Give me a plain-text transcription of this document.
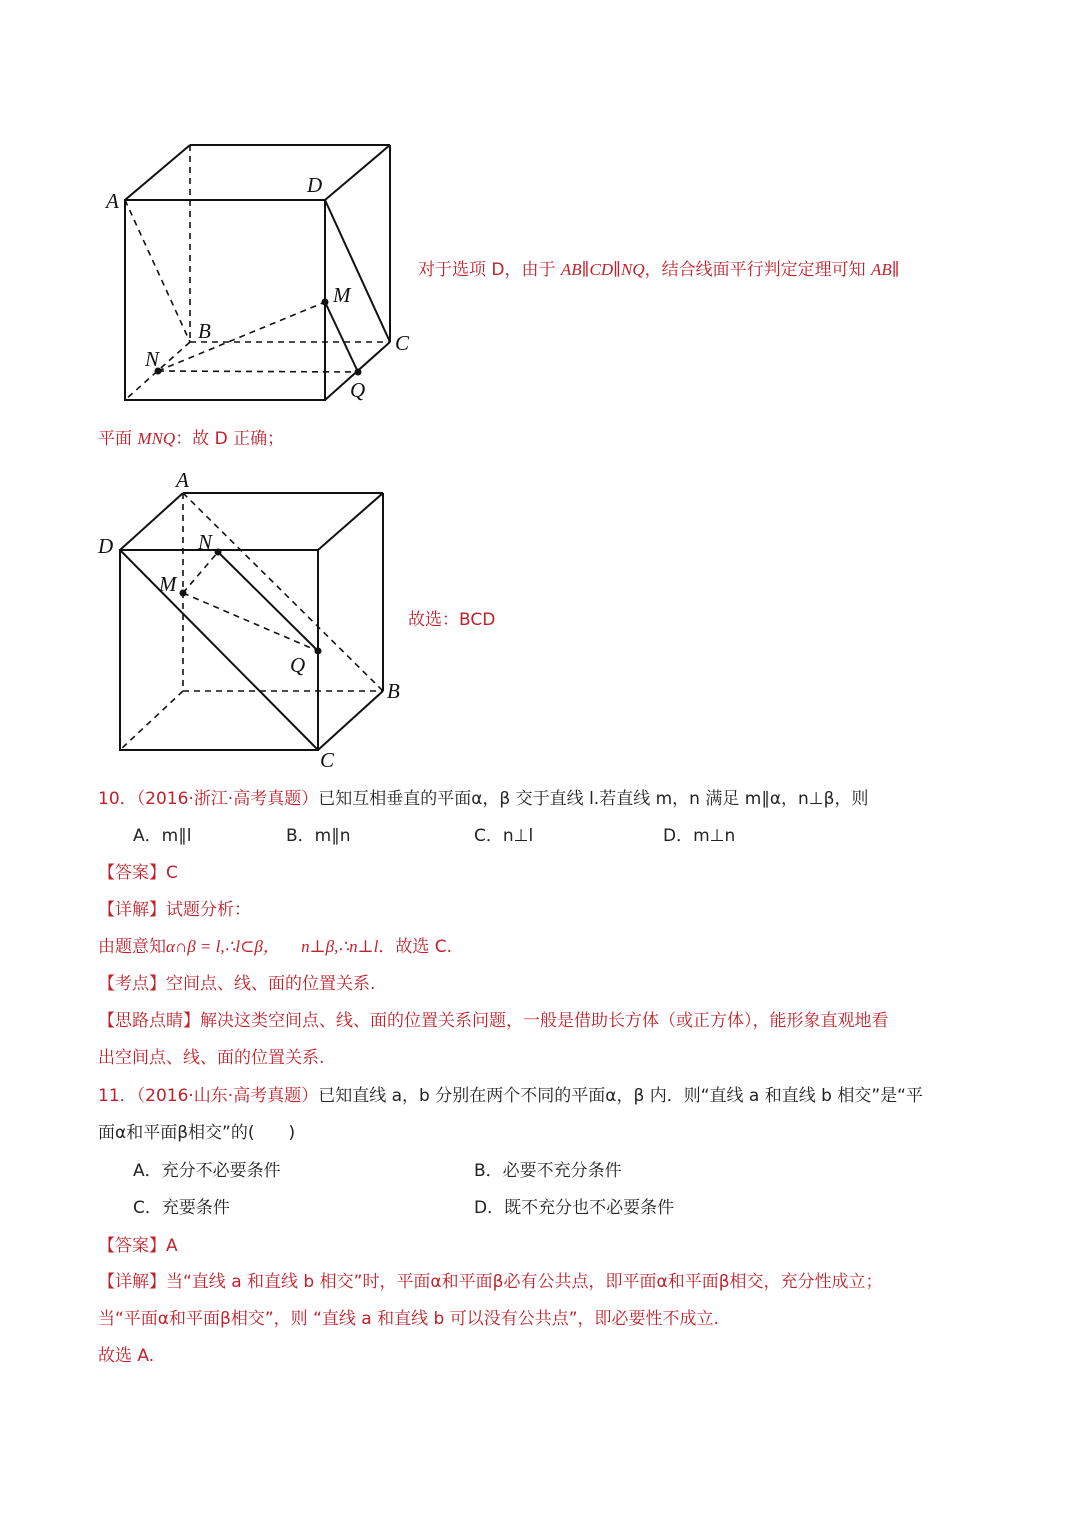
A
D
M
B	C
N
Q
对于选项 D，由于 AB∥CD∥NQ，结合线面平行判定定理可知 AB∥
平面 MNQ：故 D 正确；
A
D	N
M
Q
B
C
故选：BCD
10．（2016·浙江·高考真题）已知互相垂直的平面α，β 交于直线 l.若直线 m，n 满足 m∥α，n⊥β，则
A．m∥l	B．m∥n	C．n⊥l	D．m⊥n
【答案】C
【详解】试题分析：
由题意知α∩β = l,∴l⊂β，     n⊥β,∴n⊥l．故选 C.
【考点】空间点、线、面的位置关系.
【思路点睛】解决这类空间点、线、面的位置关系问题，一般是借助长方体（或正方体），能形象直观地看
出空间点、线、面的位置关系.
11．（2016·山东·高考真题）已知直线 a，b 分别在两个不同的平面α，β 内．则“直线 a 和直线 b 相交”是“平
面α和平面β相交”的(　　)
A．充分不必要条件	B．必要不充分条件
C．充要条件	D．既不充分也不必要条件
【答案】A
【详解】当“直线 a 和直线 b 相交”时，平面α和平面β必有公共点，即平面α和平面β相交，充分性成立；
当“平面α和平面β相交”，则 “直线 a 和直线 b 可以没有公共点”，即必要性不成立.
故选 A.
